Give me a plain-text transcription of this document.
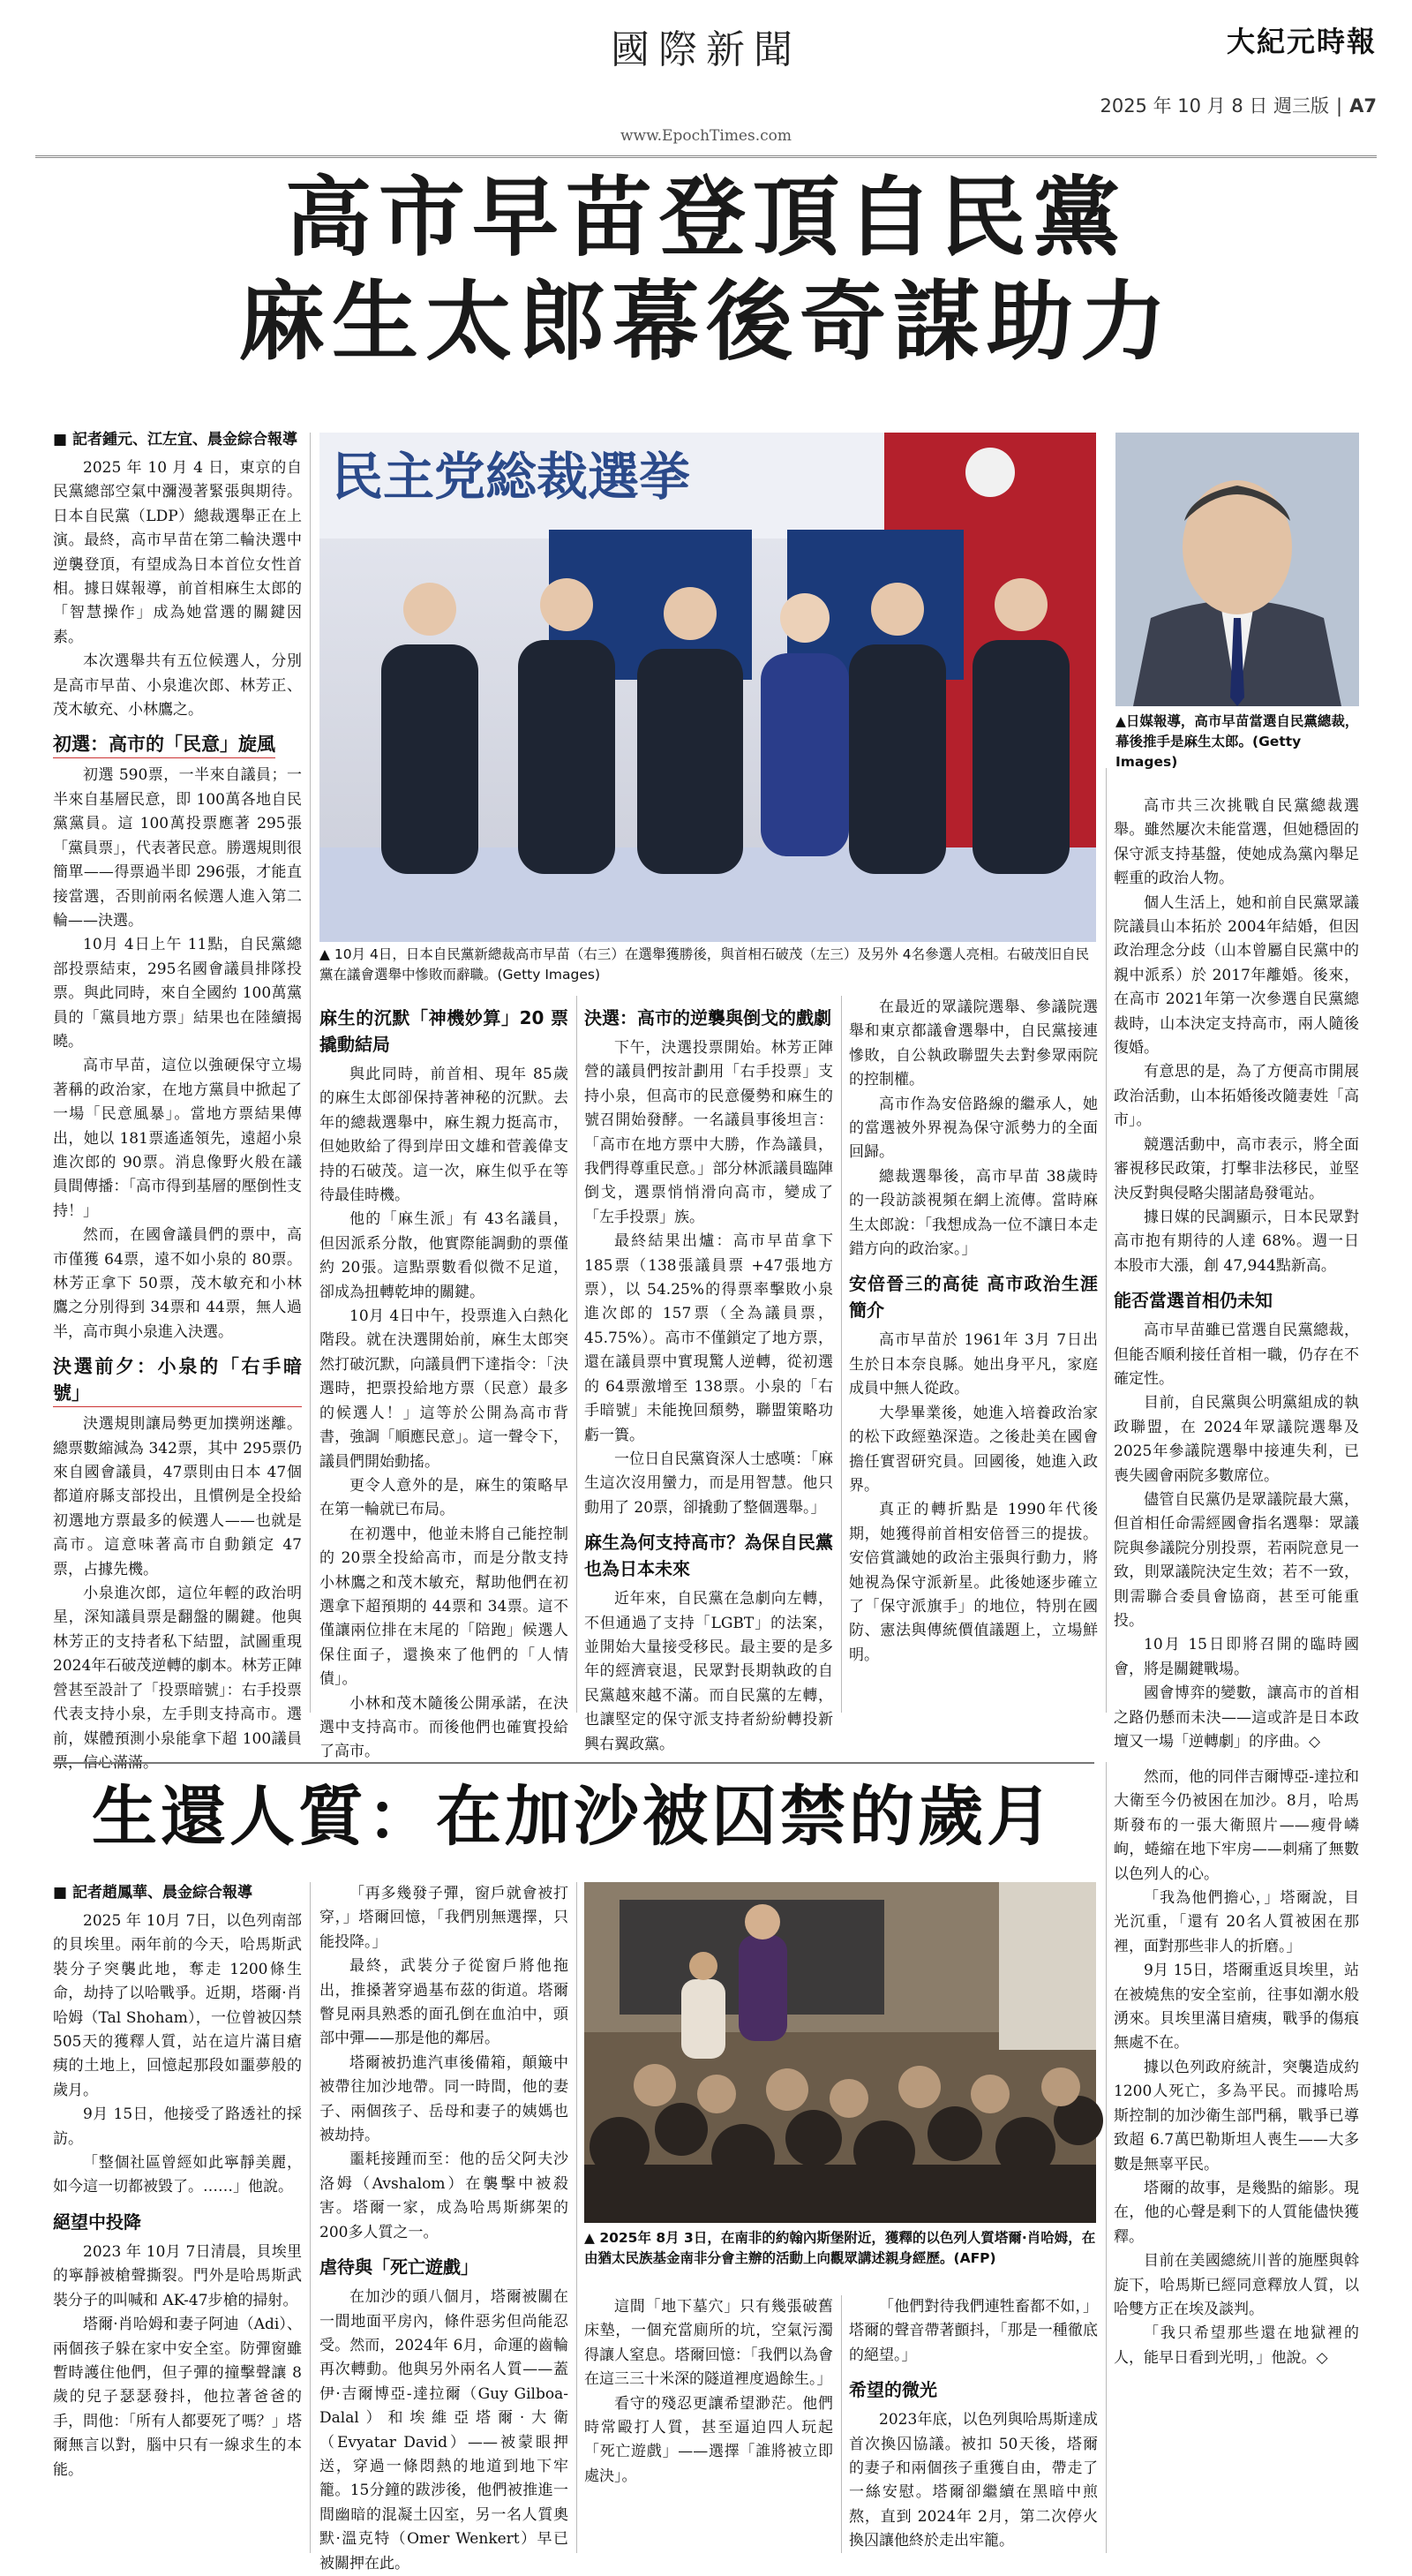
國際新聞
www.EpochTimes.com
大紀元時報
2025 年 10 月 8 日 週三版 | A7
高市早苗登頂自民黨
麻生太郎幕後奇謀助力
■ 記者鍾元、江左宜、晨金綜合報導

2025 年 10 月 4 日，東京的自民黨總部空氣中瀰漫著緊張與期待。日本自民黨（LDP）總裁選舉正在上演。最終，高市早苗在第二輪決選中逆襲登頂，有望成為日本首位女性首相。據日媒報導，前首相麻生太郎的「智慧操作」成為她當選的關鍵因素。

本次選舉共有五位候選人，分別是高市早苗、小泉進次郎、林芳正、茂木敏充、小林鷹之。

初選：高市的「民意」旋風

初選 590票，一半來自議員；一半來自基層民意，即 100萬各地自民黨黨員。這 100萬投票應著 295張「黨員票」，代表著民意。勝選規則很簡單——得票過半即 296張，才能直接當選，否則前兩名候選人進入第二輪——決選。

10月 4日上午 11點，自民黨總部投票結束，295名國會議員排隊投票。與此同時，來自全國約 100萬黨員的「黨員地方票」結果也在陸續揭曉。

高市早苗，這位以強硬保守立場著稱的政治家，在地方黨員中掀起了一場「民意風暴」。當地方票結果傳出，她以 181票遙遙領先，遠超小泉進次郎的 90票。消息像野火般在議員間傳播：「高市得到基層的壓倒性支持！」

然而，在國會議員們的票中，高市僅獲 64票，遠不如小泉的 80票。林芳正拿下 50票，茂木敏充和小林鷹之分別得到 34票和 44票，無人過半，高市與小泉進入決選。

決選前夕：小泉的「右手暗號」

決選規則讓局勢更加撲朔迷離。總票數縮減為 342票，其中 295票仍來自國會議員，47票則由日本 47個都道府縣支部投出，且慣例是全投給初選地方票最多的候選人——也就是高市。這意味著高市自動鎖定 47票，占據先機。

小泉進次郎，這位年輕的政治明星，深知議員票是翻盤的關鍵。他與林芳正的支持者私下結盟，試圖重現 2024年石破茂逆轉的劇本。林芳正陣營甚至設計了「投票暗號」：右手投票代表支持小泉，左手則支持高市。選前，媒體預測小泉能拿下超 100議員票，信心滿滿。

民主党総裁選挙
▲ 10月 4日，日本自民黨新總裁高市早苗（右三）在選舉獲勝後，與首相石破茂（左三）及另外 4名參選人亮相。右破茂旧自民黨在議會選舉中慘敗而辭職。(Getty Images)
▲日媒報導，高市早苗當選自民黨總裁，幕後推手是麻生太郎。(Getty Images)
麻生的沉默「神機妙算」20 票撬動結局

與此同時，前首相、現年 85歲的麻生太郎卻保持著神秘的沉默。去年的總裁選舉中，麻生親力挺高市，但她敗給了得到岸田文雄和菅義偉支持的石破茂。這一次，麻生似乎在等待最佳時機。

他的「麻生派」有 43名議員，但因派系分散，他實際能調動的票僅約 20張。這點票數看似微不足道，卻成為扭轉乾坤的關鍵。

10月 4日中午，投票進入白熱化階段。就在決選開始前，麻生太郎突然打破沉默，向議員們下達指令：「決選時，把票投給地方票（民意）最多的候選人！」這等於公開為高市背書，強調「順應民意」。這一聲令下，議員們開始動搖。

更令人意外的是，麻生的策略早在第一輪就已布局。

在初選中，他並未將自己能控制的 20票全投給高市，而是分散支持小林鷹之和茂木敏充，幫助他們在初選拿下超預期的 44票和 34票。這不僅讓兩位排在末尾的「陪跑」候選人保住面子，還換來了他們的「人情債」。

小林和茂木隨後公開承諾，在決選中支持高市。而後他們也確實投給了高市。

決選：高市的逆襲與倒戈的戲劇

下午，決選投票開始。林芳正陣營的議員們按計劃用「右手投票」支持小泉，但高市的民意優勢和麻生的號召開始發酵。一名議員事後坦言：「高市在地方票中大勝，作為議員，我們得尊重民意。」部分林派議員臨陣倒戈，選票悄悄滑向高市，變成了「左手投票」族。

最終結果出爐：高市早苗拿下 185票（138張議員票 +47張地方票），以 54.25%的得票率擊敗小泉進次郎的 157票（全為議員票，45.75%）。高市不僅鎖定了地方票，還在議員票中實現驚人逆轉，從初選的 64票激增至 138票。小泉的「右手暗號」未能挽回頹勢，聯盟策略功虧一簣。

一位日自民黨資深人士感嘆：「麻生這次沒用蠻力，而是用智慧。他只動用了 20票，卻撬動了整個選舉。」

麻生為何支持高市？為保自民黨 也為日本未來

近年來，自民黨在急劇向左轉，不但通過了支持「LGBT」的法案，並開始大量接受移民。最主要的是多年的經濟衰退，民眾對長期執政的自民黨越來越不滿。而自民黨的左轉，也讓堅定的保守派支持者紛紛轉投新興右翼政黨。

在最近的眾議院選舉、參議院選舉和東京都議會選舉中，自民黨接連慘敗，自公執政聯盟失去對參眾兩院的控制權。

高市作為安倍路線的繼承人，她的當選被外界視為保守派勢力的全面回歸。

總裁選舉後，高市早苗 38歲時的一段訪談視頻在網上流傳。當時麻生太郎說：「我想成為一位不讓日本走錯方向的政治家。」

安倍晉三的高徒 高市政治生涯簡介

高市早苗於 1961年 3月 7日出生於日本奈良縣。她出身平凡，家庭成員中無人從政。

大學畢業後，她進入培養政治家的松下政經塾深造。之後赴美在國會擔任實習研究員。回國後，她進入政界。

真正的轉折點是 1990年代後期，她獲得前首相安倍晉三的提拔。安倍賞識她的政治主張與行動力，將她視為保守派新星。此後她逐步確立了「保守派旗手」的地位，特別在國防、憲法與傳統價值議題上，立場鮮明。

高市共三次挑戰自民黨總裁選舉。雖然屢次未能當選，但她穩固的保守派支持基盤，使她成為黨內舉足輕重的政治人物。

個人生活上，她和前自民黨眾議院議員山本拓於 2004年結婚，但因政治理念分歧（山本曾屬自民黨中的親中派系）於 2017年離婚。後來，在高市 2021年第一次參選自民黨總裁時，山本決定支持高市，兩人隨後復婚。

有意思的是，為了方便高市開展政治活動，山本拓婚後改隨妻姓「高市」。

競選活動中，高市表示，將全面審視移民政策，打擊非法移民，並堅決反對與侵略尖閣諸島發電站。

據日媒的民調顯示，日本民眾對高市抱有期待的人達 68%。週一日本股市大漲，創 47,944點新高。

能否當選首相仍未知

高市早苗雖已當選自民黨總裁，但能否順利接任首相一職，仍存在不確定性。

目前，自民黨與公明黨組成的執政聯盟，在 2024年眾議院選舉及 2025年參議院選舉中接連失利，已喪失國會兩院多數席位。

儘管自民黨仍是眾議院最大黨，但首相任命需經國會指名選舉：眾議院與參議院分別投票，若兩院意見一致，則眾議院決定生效；若不一致，則需聯合委員會協商，甚至可能重投。

10月 15日即將召開的臨時國會，將是關鍵戰場。

國會博弈的變數，讓高市的首相之路仍懸而未決——這或許是日本政壇又一場「逆轉劇」的序曲。◇

生還人質：在加沙被囚禁的歲月
■ 記者趙鳳華、晨金綜合報導

2025 年 10月 7日，以色列南部的貝埃里。兩年前的今天，哈馬斯武裝分子突襲此地，奪走 1200條生命，劫持了以哈戰爭。近期，塔爾·肖哈姆（Tal Shoham），一位曾被囚禁 505天的獲釋人質，站在這片滿目瘡痍的土地上，回憶起那段如噩夢般的歲月。

9月 15日，他接受了路透社的採訪。

「整個社區曾經如此寧靜美麗，如今這一切都被毀了。……」他說。

絕望中投降

2023 年 10月 7日清晨，貝埃里的寧靜被槍聲撕裂。門外是哈馬斯武裝分子的叫喊和 AK-47步槍的掃射。

塔爾·肖哈姆和妻子阿迪（Adi）、兩個孩子躲在家中安全室。防彈窗雖暫時護住他們，但子彈的撞擊聲讓 8歲的兒子瑟瑟發抖，他拉著爸爸的手，問他：「所有人都要死了嗎？」塔爾無言以對，腦中只有一線求生的本能。

「再多幾發子彈，窗戶就會被打穿，」塔爾回憶，「我們別無選擇，只能投降。」

最終，武裝分子從窗戶將他拖出，推搡著穿過基布茲的街道。塔爾瞥見兩具熟悉的面孔倒在血泊中，頭部中彈——那是他的鄰居。

塔爾被扔進汽車後備箱，顛簸中被帶往加沙地帶。同一時間，他的妻子、兩個孩子、岳母和妻子的姨媽也被劫持。

噩耗接踵而至：他的岳父阿夫沙洛姆（Avshalom）在襲擊中被殺害。塔爾一家，成為哈馬斯綁架的 200多人質之一。

虐待與「死亡遊戲」

在加沙的頭八個月，塔爾被關在一間地面平房內，條件惡劣但尚能忍受。然而，2024年 6月，命運的齒輪再次轉動。他與另外兩名人質——蓋伊·吉爾博亞-達拉爾（Guy Gilboa-Dalal）和埃維亞塔爾·大衛（Evyatar David）——被蒙眼押送，穿過一條悶熱的地道到地下牢籠。15分鐘的跋涉後，他們被推進一間幽暗的混凝土囚室，另一名人質奧默·溫克特（Omer Wenkert）早已被關押在此。

▲ 2025年 8月 3日，在南非的約翰內斯堡附近，獲釋的以色列人質塔爾·肖哈姆，在由猶太民族基金南非分會主辦的活動上向觀眾講述親身經歷。(AFP)

這間「地下墓穴」只有幾張破舊床墊，一個充當廁所的坑，空氣污濁得讓人窒息。塔爾回憶：「我們以為會在這三三十米深的隧道裡度過餘生。」

看守的殘忍更讓希望渺茫。他們時常毆打人質，甚至逼迫四人玩起「死亡遊戲」——選擇「誰將被立即處決」。

「他們對待我們連牲畜都不如，」塔爾的聲音帶著顫抖，「那是一種徹底的絕望。」

希望的微光

2023年底，以色列與哈馬斯達成首次換囚協議。被扣 50天後，塔爾的妻子和兩個孩子重獲自由，帶走了一絲安慰。塔爾卻繼續在黑暗中煎熬，直到 2024年 2月，第二次停火換囚讓他終於走出牢籠。

然而，他的同伴吉爾博亞-達拉和大衛至今仍被困在加沙。8月，哈馬斯發布的一張大衛照片——瘦骨嶙峋，蜷縮在地下牢房——刺痛了無數以色列人的心。

「我為他們擔心，」塔爾說，目光沉重，「還有 20名人質被困在那裡，面對那些非人的折磨。」

9月 15日，塔爾重返貝埃里，站在被燒焦的安全室前，往事如潮水般湧來。貝埃里滿目瘡痍，戰爭的傷痕無處不在。

據以色列政府統計，突襲造成約 1200人死亡，多為平民。而據哈馬斯控制的加沙衛生部門稱，戰爭已導致超 6.7萬巴勒斯坦人喪生——大多數是無辜平民。

塔爾的故事，是幾點的縮影。現在，他的心聲是剩下的人質能儘快獲釋。

目前在美國總統川普的施壓與斡旋下，哈馬斯已經同意釋放人質，以哈雙方正在埃及談判。

「我只希望那些還在地獄裡的人，能早日看到光明，」他說。◇
